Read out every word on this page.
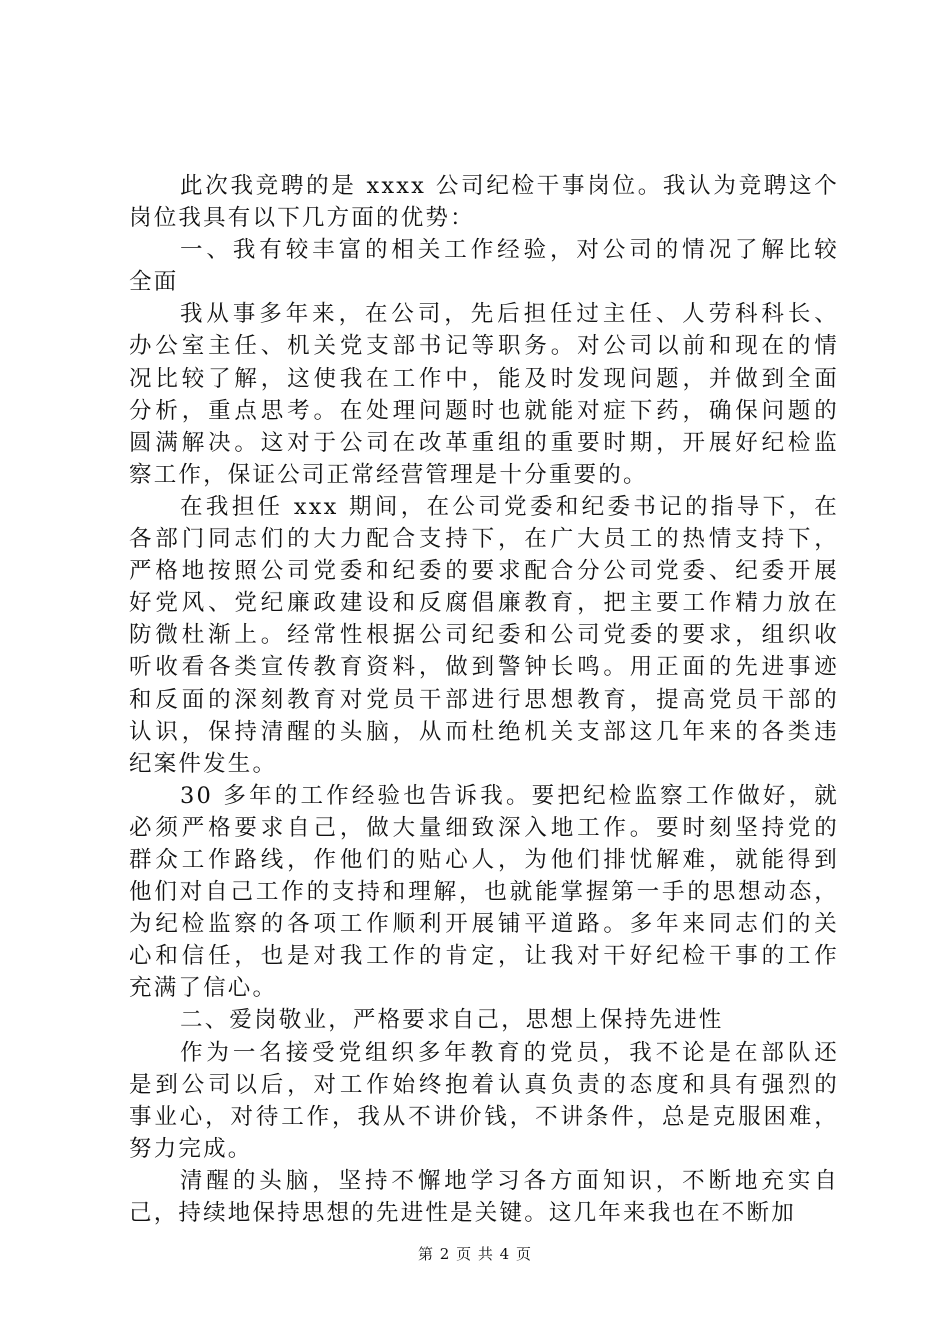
此次我竞聘的是 xxxx 公司纪检干事岗位。我认为竞聘这个
岗位我具有以下几方面的优势：
一、我有较丰富的相关工作经验，对公司的情况了解比较
全面
我从事多年来，在公司，先后担任过主任、人劳科科长、
办公室主任、机关党支部书记等职务。对公司以前和现在的情
况比较了解，这使我在工作中，能及时发现问题，并做到全面
分析，重点思考。在处理问题时也就能对症下药，确保问题的
圆满解决。这对于公司在改革重组的重要时期，开展好纪检监
察工作，保证公司正常经营管理是十分重要的。
在我担任 xxx 期间，在公司党委和纪委书记的指导下，在
各部门同志们的大力配合支持下，在广大员工的热情支持下，
严格地按照公司党委和纪委的要求配合分公司党委、纪委开展
好党风、党纪廉政建设和反腐倡廉教育，把主要工作精力放在
防微杜渐上。经常性根据公司纪委和公司党委的要求，组织收
听收看各类宣传教育资料，做到警钟长鸣。用正面的先进事迹
和反面的深刻教育对党员干部进行思想教育，提高党员干部的
认识，保持清醒的头脑，从而杜绝机关支部这几年来的各类违
纪案件发生。
30 多年的工作经验也告诉我。要把纪检监察工作做好，就
必须严格要求自己，做大量细致深入地工作。要时刻坚持党的
群众工作路线，作他们的贴心人，为他们排忧解难，就能得到
他们对自己工作的支持和理解，也就能掌握第一手的思想动态，
为纪检监察的各项工作顺利开展铺平道路。多年来同志们的关
心和信任，也是对我工作的肯定，让我对干好纪检干事的工作
充满了信心。
二、爱岗敬业，严格要求自己，思想上保持先进性
作为一名接受党组织多年教育的党员，我不论是在部队还
是到公司以后，对工作始终抱着认真负责的态度和具有强烈的
事业心，对待工作，我从不讲价钱，不讲条件，总是克服困难，
努力完成。
清醒的头脑，坚持不懈地学习各方面知识，不断地充实自
己，持续地保持思想的先进性是关键。这几年来我也在不断加
第 2 页 共 4 页
